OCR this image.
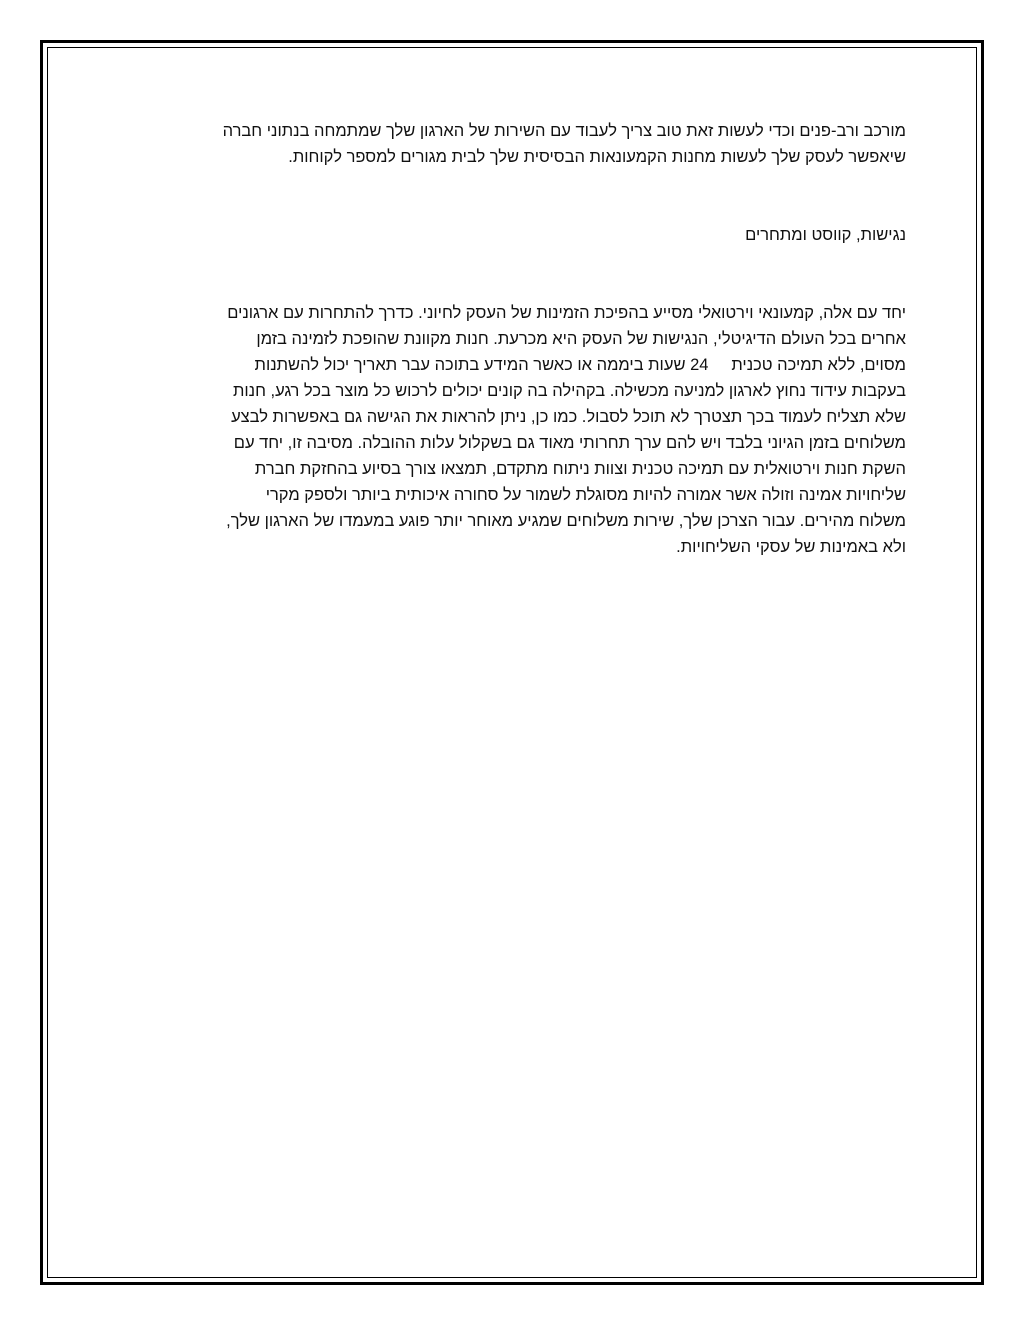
מורכב ורב-פנים וכדי לעשות זאת טוב צריך לעבוד עם השירות של הארגון שלך שמתמחה בנתוני חברה
שיאפשר לעסק שלך לעשות מחנות הקמעונאות הבסיסית שלך לבית מגורים למספר לקוחות.

נגישות, קווסט ומתחרים

יחד עם אלה, קמעונאי וירטואלי מסייע בהפיכת הזמינות של העסק לחיוני. כדרך להתחרות עם ארגונים
אחרים בכל העולם הדיגיטלי, הנגישות של העסק היא מכרעת. חנות מקוונת שהופכת לזמינה בזמן
מסוים, ללא תמיכה טכנית     24 שעות ביממה או כאשר המידע בתוכה עבר תאריך יכול להשתנות
בעקבות עידוד נחוץ לארגון למניעה מכשילה. בקהילה בה קונים יכולים לרכוש כל מוצר בכל רגע, חנות
שלא תצליח לעמוד בכך תצטרך לא תוכל לסבול. כמו כן, ניתן להראות את הגישה גם באפשרות לבצע
משלוחים בזמן הגיוני בלבד ויש להם ערך תחרותי מאוד גם בשקלול עלות ההובלה. מסיבה זו, יחד עם
השקת חנות וירטואלית עם תמיכה טכנית וצוות ניתוח מתקדם, תמצאו צורך בסיוע בהחזקת חברת
שליחויות אמינה וזולה אשר אמורה להיות מסוגלת לשמור על סחורה איכותית ביותר ולספק מקרי
משלוח מהירים. עבור הצרכן שלך, שירות משלוחים שמגיע מאוחר יותר פוגע במעמדו של הארגון שלך,
ולא באמינות של עסקי השליחויות.
